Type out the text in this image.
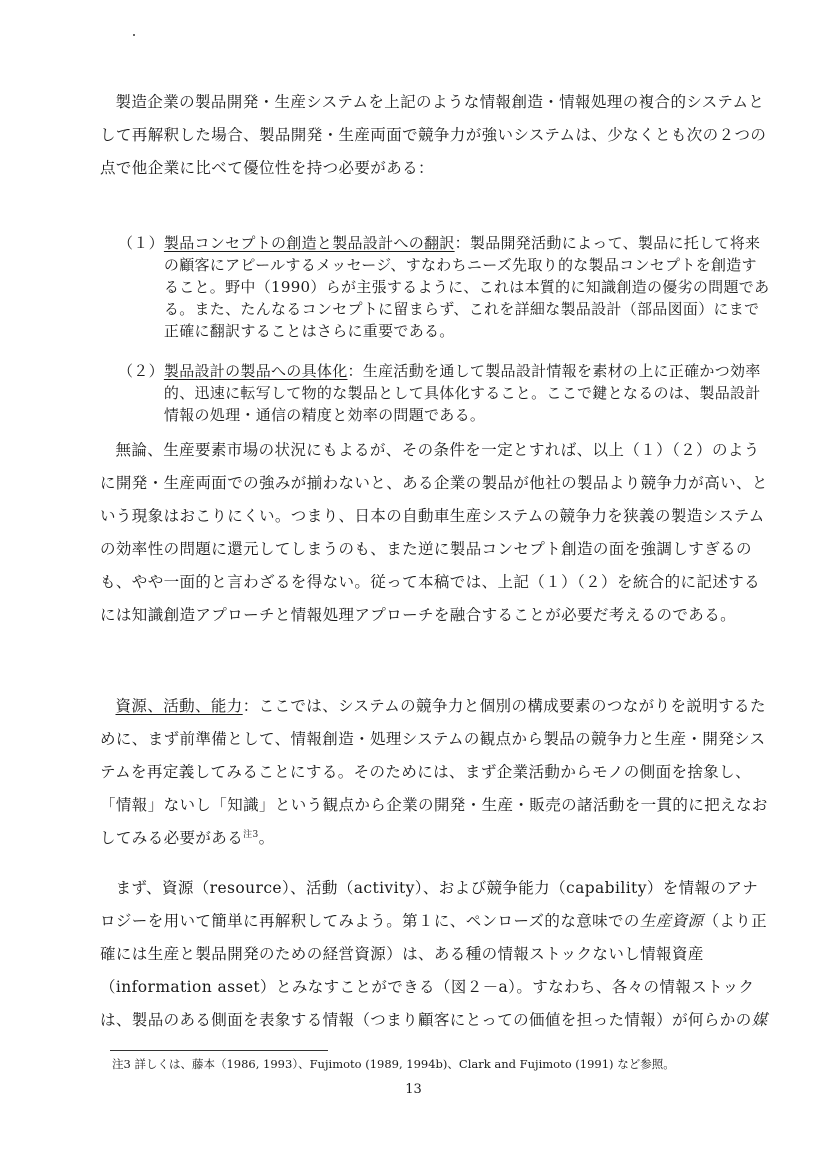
製造企業の製品開発・生産システムを上記のような情報創造・情報処理の複合的システムとして再解釈した場合、製品開発・生産両面で競争力が強いシステムは、少なくとも次の２つの点で他企業に比べて優位性を持つ必要がある：

（１） 製品コンセプトの創造と製品設計への翻訳：製品開発活動によって、製品に托して将来の顧客にアピールするメッセージ、すなわちニーズ先取り的な製品コンセプトを創造すること。野中（1990）らが主張するように、これは本質的に知識創造の優劣の問題である。また、たんなるコンセプトに留まらず、これを詳細な製品設計（部品図面）にまで正確に翻訳することはさらに重要である。

（２） 製品設計の製品への具体化：生産活動を通して製品設計情報を素材の上に正確かつ効率的、迅速に転写して物的な製品として具体化すること。ここで鍵となるのは、製品設計情報の処理・通信の精度と効率の問題である。

無論、生産要素市場の状況にもよるが、その条件を一定とすれば、以上（１）（２）のように開発・生産両面での強みが揃わないと、ある企業の製品が他社の製品より競争力が高い、という現象はおこりにくい。つまり、日本の自動車生産システムの競争力を狭義の製造システムの効率性の問題に還元してしまうのも、また逆に製品コンセプト創造の面を強調しすぎるのも、やや一面的と言わざるを得ない。従って本稿では、上記（１）（２）を統合的に記述するには知識創造アプローチと情報処理アプローチを融合することが必要だ考えるのである。

資源、活動、能力：ここでは、システムの競争力と個別の構成要素のつながりを説明するために、まず前準備として、情報創造・処理システムの観点から製品の競争力と生産・開発システムを再定義してみることにする。そのためには、まず企業活動からモノの側面を捨象し、「情報」ないし「知識」という観点から企業の開発・生産・販売の諸活動を一貫的に把えなおしてみる必要がある$^{注3}$。

まず、資源（resource）、活動（activity）、および競争能力（capability）を情報のアナロジーを用いて簡単に再解釈してみよう。第１に、ペンローズ的な意味での生産資源（より正確には生産と製品開発のための経営資源）は、ある種の情報ストックないし情報資産（information asset）とみなすことができる（図２－a）。すなわち、各々の情報ストックは、製品のある側面を表象する情報（つまり顧客にとっての価値を担った情報）が何らかの媒

注3 詳しくは、藤本（1986, 1993）、Fujimoto (1989, 1994b)、Clark and Fujimoto (1991) など参照。

13
